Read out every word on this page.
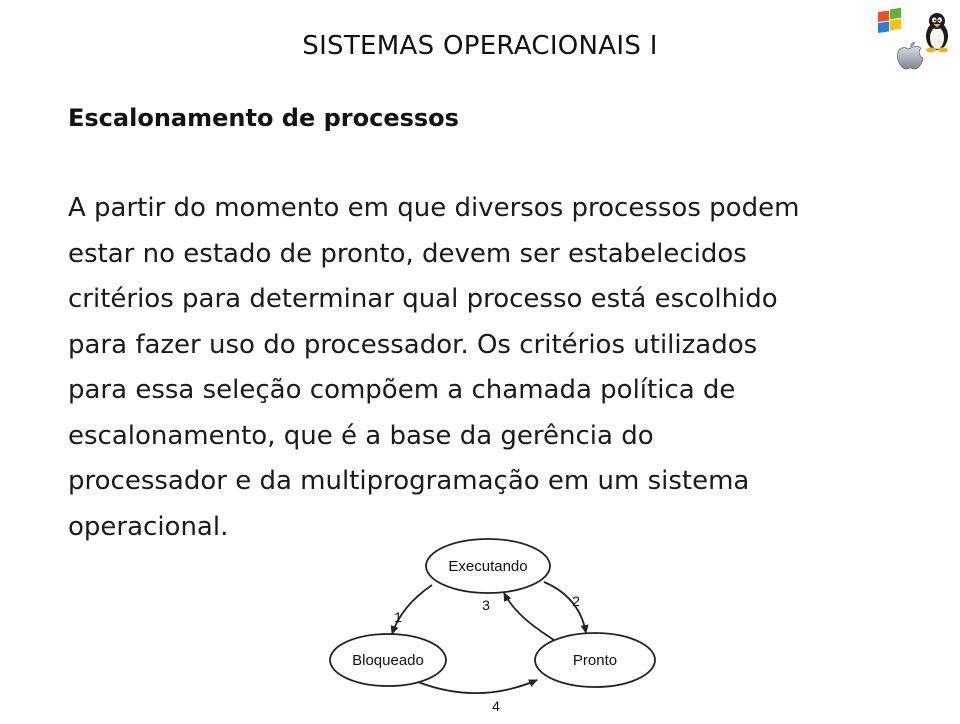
SISTEMAS OPERACIONAIS I
Escalonamento de processos

A partir do momento em que diversos processos podem
estar no estado de pronto, devem ser estabelecidos
critérios para determinar qual processo está escolhido
para fazer uso do processador. Os critérios utilizados
para essa seleção compõem a chamada política de
escalonamento, que é a base da gerência do
processador e da multiprogramação em um sistema
operacional.

Executando
Bloqueado	Pronto
1
2
3
4
